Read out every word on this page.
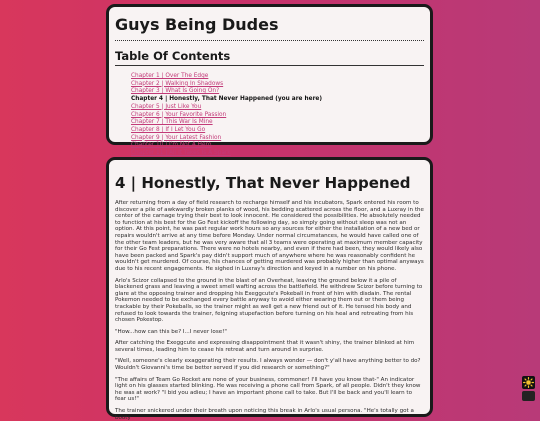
Guys Being Dudes
Table Of Contents
Chapter 1 | Over The Edge
Chapter 2 | Walking In Shadows
Chapter 3 | What Is Going On?
Chapter 4 | Honestly, That Never Happened (you are here)
Chapter 5 | Just Like You
Chapter 6 | Your Favorite Passion
Chapter 7 | This War Is Mine
Chapter 8 | If I Let You Go
Chapter 9 | Your Latest Fashion
Chapter 10 | I'm Not A Hero
Chapter 11 | All It Takes Is A Spark
4 | Honestly, That Never Happened

After returning from a day of field research to recharge himself and his incubators, Spark entered his room to discover a pile of awkwardly broken planks of wood, his bedding scattered across the floor, and a Luxray in the center of the carnage trying their best to look innocent. He considered the possibilities. He absolutely needed to function at his best for the Go Fest kickoff the following day, so simply going without sleep was not an option. At this point, he was past regular work hours so any sources for either the installation of a new bed or repairs wouldn't arrive at any time before Monday. Under normal circumstances, he would have called one of the other team leaders, but he was very aware that all 3 teams were operating at maximum member capacity for their Go Fest preparations. There were no hotels nearby, and even if there had been, they would likely also have been packed and Spark's pay didn't support much of anywhere where he was reasonably confident he wouldn't get murdered. Of course, his chances of getting murdered was probably higher than optimal anyways due to his recent engagements. He sighed in Luxray's direction and keyed in a number on his phone.

Arlo's Scizor collapsed to the ground in the blast of an Overheat, leaving the ground below it a pile of blackened grass and leaving a sweet smell wafting across the battlefield. He withdrew Scizor before turning to glare at the opposing trainer and dropping his Exeggcute's Pokeball in front of him with disdain. The rental Pokemon needed to be exchanged every battle anyway to avoid either wearing them out or them being trackable by their Pokeballs, so the trainer might as well get a new friend out of it. He tensed his body and refused to look towards the trainer, feigning stupefaction before turning on his heal and retreating from his chosen Pokestop.

"How...how can this be? I...I never lose!"

After catching the Exeggcute and expressing disappointment that it wasn't shiny, the trainer blinked at him several times, leading him to cease his retreat and turn around in surprise.

"Well, someone's clearly exaggerating their results. I always wonder — don't y'all have anything better to do? Wouldn't Giovanni's time be better served if you did research or something?"

"The affairs of Team Go Rocket are none of your business, commoner! I'll have you know that-" An indicator light on his glasses started blinking. He was receiving a phone call from Spark, of all people. Didn't they know he was at work? "I bid you adieu; I have an important phone call to take. But I'll be back and you'll learn to fear us!"

The trainer snickered under their breath upon noticing this break in Arlo's usual persona. "He's totally got a booty
